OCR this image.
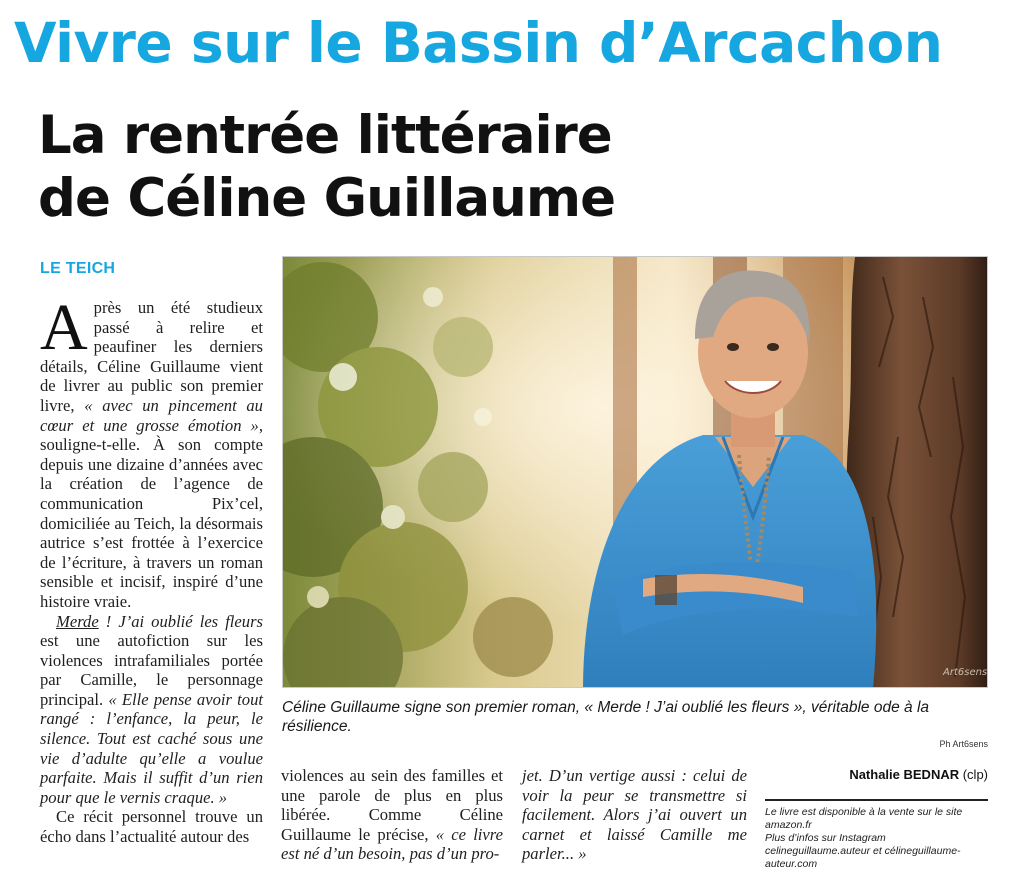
Vivre sur le Bassin d’Arcachon
La rentrée littéraire
de Céline Guillaume
LE TEICH

Après un été studieux passé à relire et peaufiner les derniers détails, Céline Guillaume vient de livrer au public son premier livre, « avec un pincement au cœur et une grosse émotion », souligne-t-elle. À son compte depuis une dizaine d’années avec la création de l’agence de communication Pix’cel, domiciliée au Teich, la désormais autrice s’est frottée à l’exercice de l’écriture, à travers un roman sensible et incisif, inspiré d’une histoire vraie.

Merde ! J’ai oublié les fleurs est une autofiction sur les violences intrafamiliales portée par Camille, le personnage principal. « Elle pense avoir tout rangé : l’enfance, la peur, le silence. Tout est caché sous une vie d’adulte qu’elle a voulue parfaite. Mais il suffit d’un rien pour que le vernis craque. »

Ce récit personnel trouve un écho dans l’actualité autour des

Art6sens
Céline Guillaume signe son premier roman, « Merde ! J’ai oublié les fleurs », véritable ode à la résilience.
Ph Art6sens

violences au sein des familles et une parole de plus en plus libérée. Comme Céline Guillaume le précise, « ce livre est né d’un besoin, pas d’un pro-

jet. D’un vertige aussi : celui de voir la peur se transmettre si facilement. Alors j’ai ouvert un carnet et laissé Camille me parler... »

Nathalie BEDNAR (clp)
Le livre est disponible à la vente sur le site amazon.fr
Plus d’infos sur Instagram celineguillaume.auteur et célineguillaume-auteur.com
